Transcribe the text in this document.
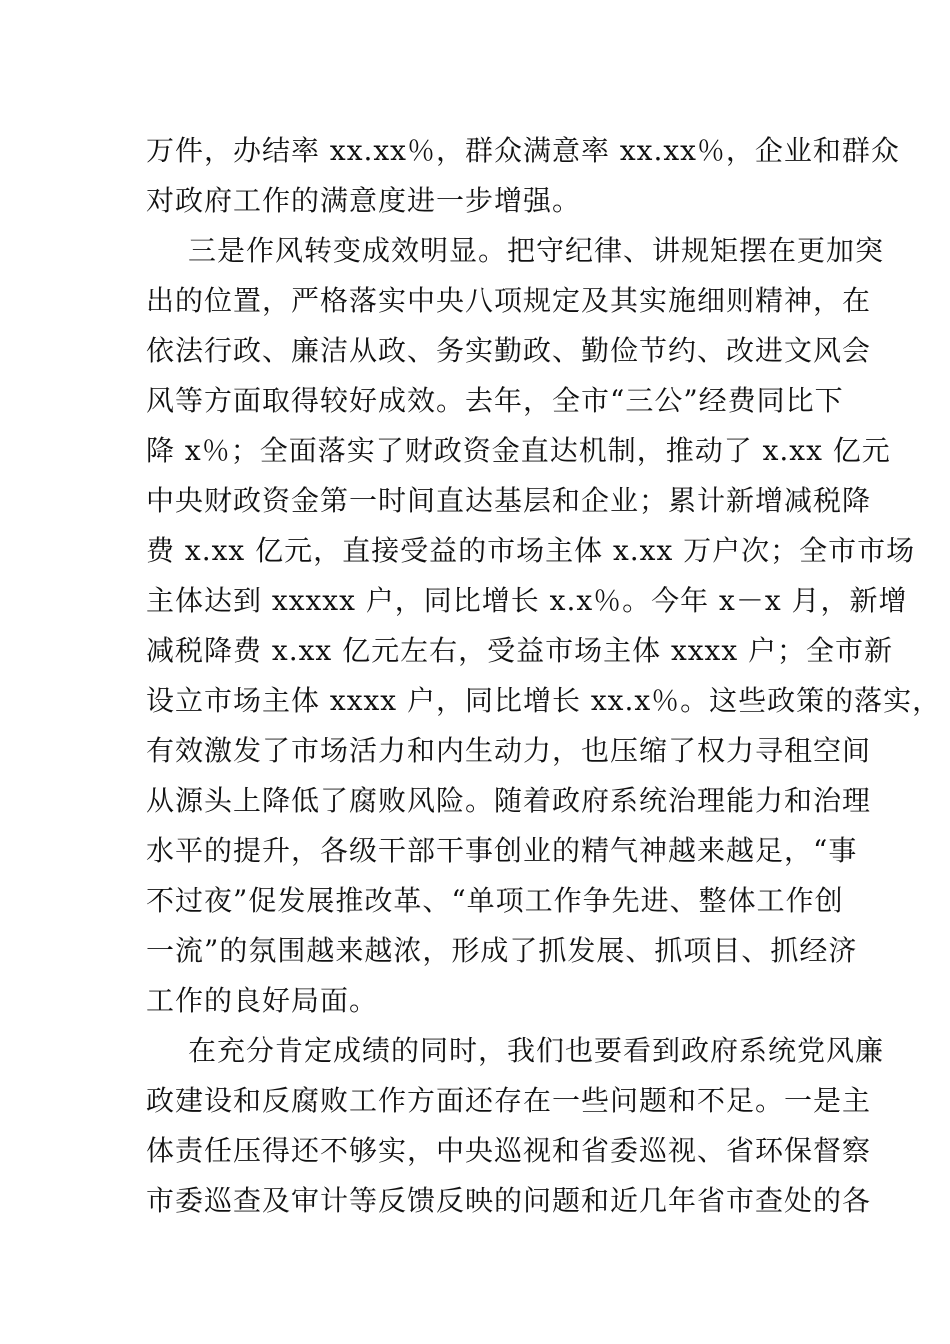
万件，办结率 xx.xx％，群众满意率 xx.xx％，企业和群众
对政府工作的满意度进一步增强。
三是作风转变成效明显。把守纪律、讲规矩摆在更加突
出的位置，严格落实中央八项规定及其实施细则精神，在
依法行政、廉洁从政、务实勤政、勤俭节约、改进文风会
风等方面取得较好成效。去年，全市“三公”经费同比下
降 x％；全面落实了财政资金直达机制，推动了 x.xx 亿元
中央财政资金第一时间直达基层和企业；累计新增减税降
费 x.xx 亿元，直接受益的市场主体 x.xx 万户次；全市市场
主体达到 xxxxx 户，同比增长 x.x％。今年 x－x 月，新增
减税降费 x.xx 亿元左右，受益市场主体 xxxx 户；全市新
设立市场主体 xxxx 户，同比增长 xx.x％。这些政策的落实，
有效激发了市场活力和内生动力，也压缩了权力寻租空间
从源头上降低了腐败风险。随着政府系统治理能力和治理
水平的提升，各级干部干事创业的精气神越来越足，“事
不过夜”促发展推改革、“单项工作争先进、整体工作创
一流”的氛围越来越浓，形成了抓发展、抓项目、抓经济
工作的良好局面。
在充分肯定成绩的同时，我们也要看到政府系统党风廉
政建设和反腐败工作方面还存在一些问题和不足。一是主
体责任压得还不够实，中央巡视和省委巡视、省环保督察
市委巡查及审计等反馈反映的问题和近几年省市查处的各
